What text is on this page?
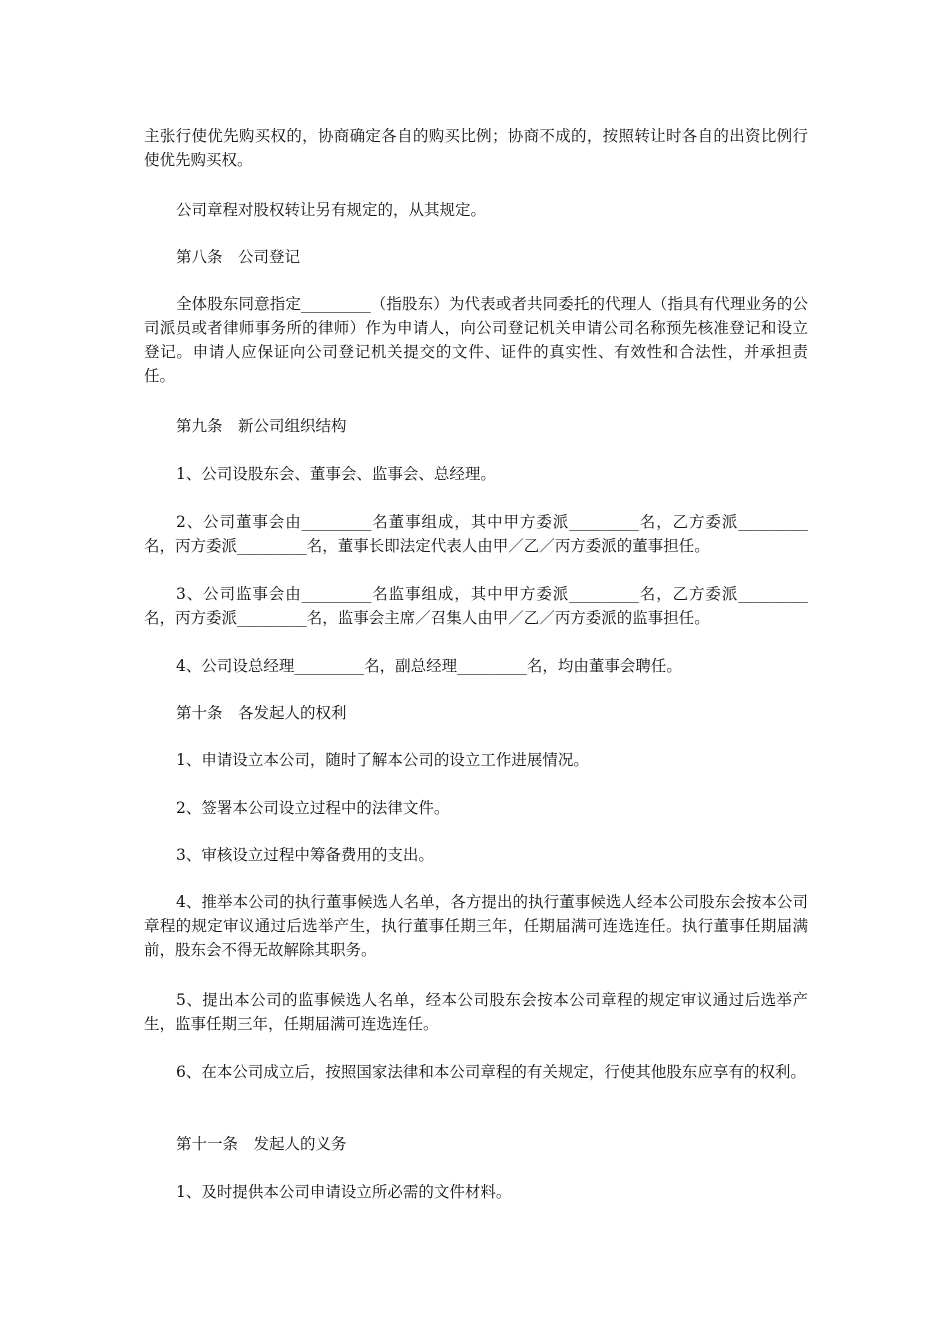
主张行使优先购买权的，协商确定各自的购买比例；协商不成的，按照转让时各自的出资比例行使优先购买权。

公司章程对股权转让另有规定的，从其规定。

第八条　公司登记

全体股东同意指定_________（指股东）为代表或者共同委托的代理人（指具有代理业务的公司派员或者律师事务所的律师）作为申请人，向公司登记机关申请公司名称预先核准登记和设立登记。申请人应保证向公司登记机关提交的文件、证件的真实性、有效性和合法性，并承担责任。

第九条　新公司组织结构

1、公司设股东会、董事会、监事会、总经理。

2、公司董事会由_________名董事组成，其中甲方委派_________名，乙方委派_________名，丙方委派_________名，董事长即法定代表人由甲／乙／丙方委派的董事担任。

3、公司监事会由_________名监事组成，其中甲方委派_________名，乙方委派_________名，丙方委派_________名，监事会主席／召集人由甲／乙／丙方委派的监事担任。

4、公司设总经理_________名，副总经理_________名，均由董事会聘任。

第十条　各发起人的权利

1、申请设立本公司，随时了解本公司的设立工作进展情况。

2、签署本公司设立过程中的法律文件。

3、审核设立过程中筹备费用的支出。

4、推举本公司的执行董事候选人名单，各方提出的执行董事候选人经本公司股东会按本公司章程的规定审议通过后选举产生，执行董事任期三年，任期届满可连选连任。执行董事任期届满前，股东会不得无故解除其职务。

5、提出本公司的监事候选人名单，经本公司股东会按本公司章程的规定审议通过后选举产生，监事任期三年，任期届满可连选连任。

6、在本公司成立后，按照国家法律和本公司章程的有关规定，行使其他股东应享有的权利。

第十一条　发起人的义务

1、及时提供本公司申请设立所必需的文件材料。
